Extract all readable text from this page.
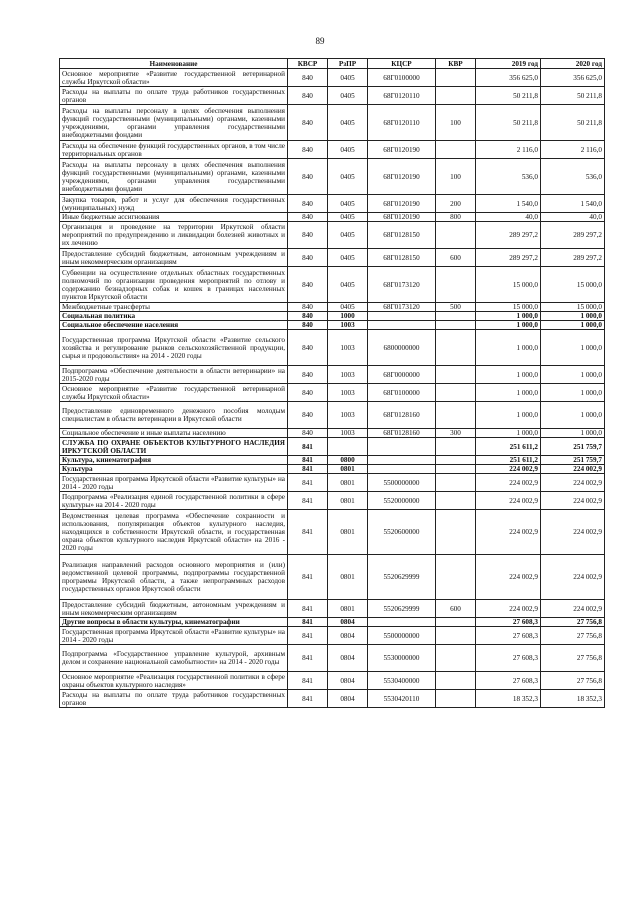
89
Наименование	КВСР	РзПР	КЦСР	КВР	2019 год	2020 год
Основное мероприятие «Развитие государственной ветеринарной службы Иркутской области»	840	0405	68Г0100000		356 625,0	356 625,0
Расходы на выплаты по оплате труда работников государственных органов	840	0405	68Г0120110		50 211,8	50 211,8
Расходы на выплаты персоналу в целях обеспечения выполнения функций государственными (муниципальными) органами, казенными учреждениями, органами управления государственными внебюджетными фондами	840	0405	68Г0120110	100	50 211,8	50 211,8
Расходы на обеспечение функций государственных органов, в том числе территориальных органов	840	0405	68Г0120190		2 116,0	2 116,0
Расходы на выплаты персоналу в целях обеспечения выполнения функций государственными (муниципальными) органами, казенными учреждениями, органами управления государственными внебюджетными фондами	840	0405	68Г0120190	100	536,0	536,0
Закупка товаров, работ и услуг для обеспечения государственных (муниципальных) нужд	840	0405	68Г0120190	200	1 540,0	1 540,0
Иные бюджетные ассигнования	840	0405	68Г0120190	800	40,0	40,0
Организация и проведение на территории Иркутской области мероприятий по предупреждению и ликвидации болезней животных и их лечению	840	0405	68Г0128150		289 297,2	289 297,2
Предоставление субсидий бюджетным, автономным учреждениям и иным некоммерческим организациям	840	0405	68Г0128150	600	289 297,2	289 297,2
Субвенции на осуществление отдельных областных государственных полномочий по организации проведения мероприятий по отлову и содержанию безнадзорных собак и кошек в границах населенных пунктов Иркутской области	840	0405	68Г0173120		15 000,0	15 000,0
Межбюджетные трансферты	840	0405	68Г0173120	500	15 000,0	15 000,0
Социальная политика	840	1000			1 000,0	1 000,0
Социальное обеспечение населения	840	1003			1 000,0	1 000,0
Государственная программа Иркутской области «Развитие сельского хозяйства и регулирование рынков сельскохозяйственной продукции, сырья и продовольствия» на 2014 - 2020 годы	840	1003	6800000000		1 000,0	1 000,0
Подпрограмма «Обеспечение деятельности в области ветеринарии» на 2015-2020 годы	840	1003	68Г0000000		1 000,0	1 000,0
Основное мероприятие «Развитие государственной ветеринарной службы Иркутской области»	840	1003	68Г0100000		1 000,0	1 000,0
Предоставление единовременного денежного пособия молодым специалистам в области ветеринарии в Иркутской области	840	1003	68Г0128160		1 000,0	1 000,0
Социальное обеспечение и иные выплаты населению	840	1003	68Г0128160	300	1 000,0	1 000,0
СЛУЖБА ПО ОХРАНЕ ОБЪЕКТОВ КУЛЬТУРНОГО НАСЛЕДИЯ ИРКУТСКОЙ ОБЛАСТИ	841				251 611,2	251 759,7
Культура, кинематография	841	0800			251 611,2	251 759,7
Культура	841	0801			224 002,9	224 002,9
Государственная программа Иркутской области «Развитие культуры» на 2014 - 2020 годы	841	0801	5500000000		224 002,9	224 002,9
Подпрограмма «Реализация единой государственной политики в сфере культуры» на 2014 - 2020 годы	841	0801	5520000000		224 002,9	224 002,9
Ведомственная целевая программа «Обеспечение сохранности и использования, популяризация объектов культурного наследия, находящихся в собственности Иркутской области, и государственная охрана объектов культурного наследия Иркутской области» на 2016 - 2020 годы	841	0801	5520600000		224 002,9	224 002,9
Реализация направлений расходов основного мероприятия и (или) ведомственной целевой программы, подпрограммы государственной программы Иркутской области, а также непрограммных расходов государственных органов Иркутской области	841	0801	5520629999		224 002,9	224 002,9
Предоставление субсидий бюджетным, автономным учреждениям и иным некоммерческим организациям	841	0801	5520629999	600	224 002,9	224 002,9
Другие вопросы в области культуры, кинематографии	841	0804			27 608,3	27 756,8
Государственная программа Иркутской области «Развитие культуры» на 2014 - 2020 годы	841	0804	5500000000		27 608,3	27 756,8
Подпрограмма «Государственное управление культурой, архивным делом и сохранение национальной самобытности» на 2014 - 2020 годы	841	0804	5530000000		27 608,3	27 756,8
Основное мероприятие «Реализация государственной политики в сфере охраны объектов культурного наследия»	841	0804	5530400000		27 608,3	27 756,8
Расходы на выплаты по оплате труда работников государственных органов	841	0804	5530420110		18 352,3	18 352,3
